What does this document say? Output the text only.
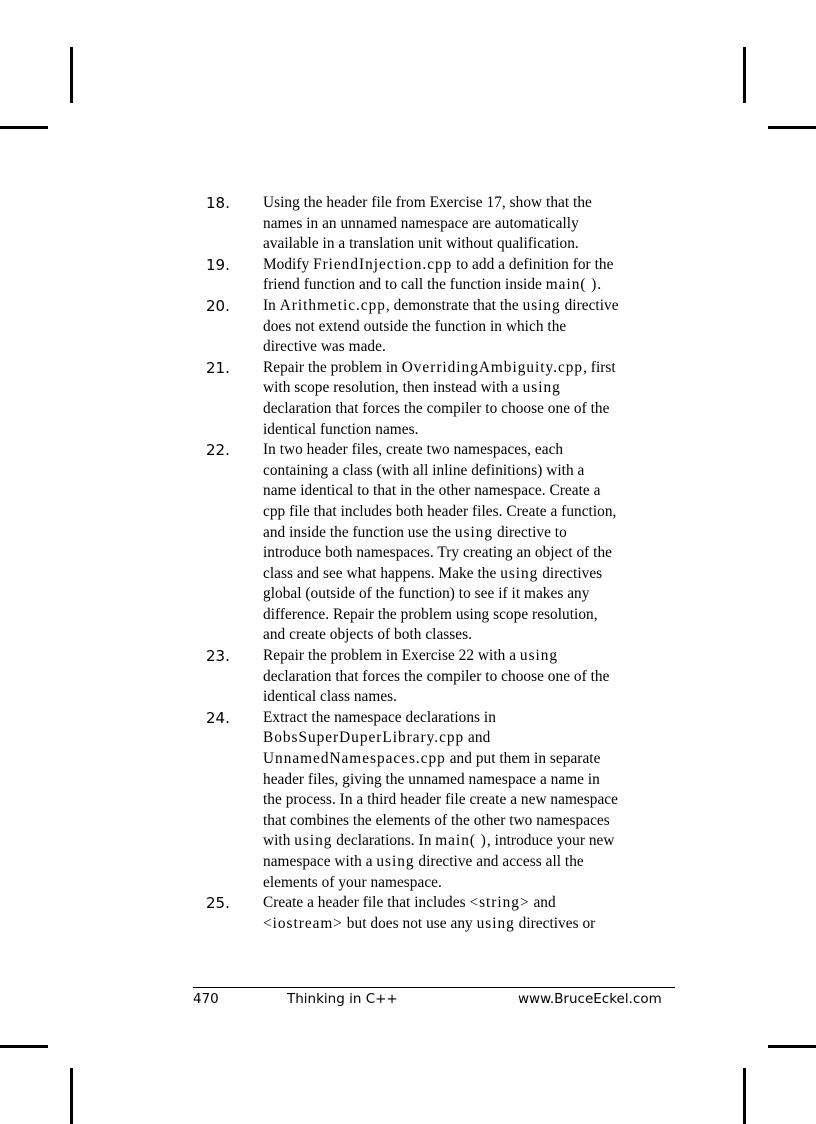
18. Using the header file from Exercise 17, show that the
names in an unnamed namespace are automatically
available in a translation unit without qualification.
19. Modify FriendInjection.cpp to add a definition for the
friend function and to call the function inside main( ).
20. In Arithmetic.cpp, demonstrate that the using directive
does not extend outside the function in which the
directive was made.
21. Repair the problem in OverridingAmbiguity.cpp, first
with scope resolution, then instead with a using
declaration that forces the compiler to choose one of the
identical function names.
22. In two header files, create two namespaces, each
containing a class (with all inline definitions) with a
name identical to that in the other namespace. Create a
cpp file that includes both header files. Create a function,
and inside the function use the using directive to
introduce both namespaces. Try creating an object of the
class and see what happens. Make the using directives
global (outside of the function) to see if it makes any
difference. Repair the problem using scope resolution,
and create objects of both classes.
23. Repair the problem in Exercise 22 with a using
declaration that forces the compiler to choose one of the
identical class names.
24. Extract the namespace declarations in
BobsSuperDuperLibrary.cpp and
UnnamedNamespaces.cpp and put them in separate
header files, giving the unnamed namespace a name in
the process. In a third header file create a new namespace
that combines the elements of the other two namespaces
with using declarations. In main( ), introduce your new
namespace with a using directive and access all the
elements of your namespace.
25. Create a header file that includes <string> and
<iostream> but does not use any using directives or
470	Thinking in C++	www.BruceEckel.com
